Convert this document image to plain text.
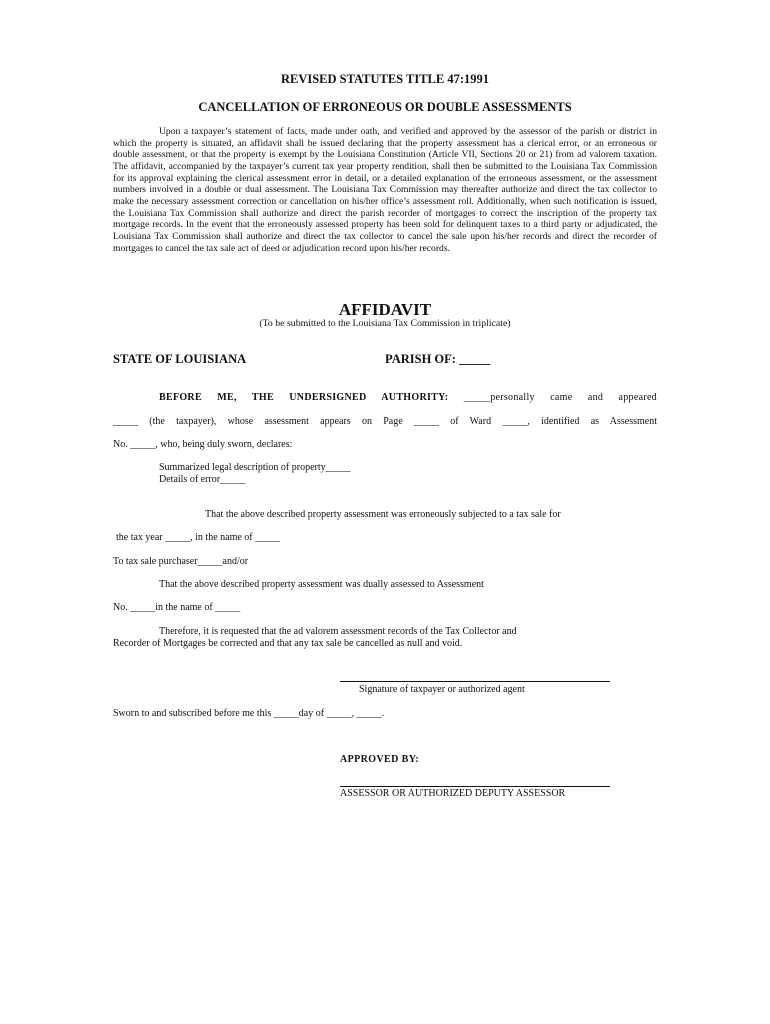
REVISED STATUTES TITLE 47:1991
CANCELLATION OF ERRONEOUS OR DOUBLE ASSESSMENTS

Upon a taxpayer’s statement of facts, made under oath, and verified and approved by the assessor of the parish or district in which the property is situated, an affidavit shall be issued declaring that the property assessment has a clerical error, or an erroneous or double assessment, or that the property is exempt by the Louisiana Constitution (Article VII, Sections 20 or 21) from ad valorem taxation. The affidavit, accompanied by the taxpayer’s current tax year property rendition, shall then be submitted to the Louisiana Tax Commission for its approval explaining the clerical assessment error in detail, or a detailed explanation of the erroneous assessment, or the assessment numbers involved in a double or dual assessment. The Louisiana Tax Commission may thereafter authorize and direct the tax collector to make the necessary assessment correction or cancellation on his/her office’s assessment roll. Additionally, when such notification is issued, the Louisiana Tax Commission shall authorize and direct the parish recorder of mortgages to correct the inscription of the property tax mortgage records. In the event that the erroneously assessed property has been sold for delinquent taxes to a third party or adjudicated, the Louisiana Tax Commission shall authorize and direct the tax collector to cancel the sale upon his/her records and direct the recorder of mortgages to cancel the tax sale act of deed or adjudication record upon his/her records.

AFFIDAVIT
(To be submitted to the Louisiana Tax Commission in triplicate)
STATE OF LOUISIANA	PARISH OF: _____
BEFORE ME, THE UNDERSIGNED AUTHORITY: _____personally came and appeared
_____ (the taxpayer), whose assessment appears on Page _____ of Ward _____, identified as Assessment
No. _____, who, being duly sworn, declares:
Summarized legal description of property_____
Details of error_____
That the above described property assessment was erroneously subjected to a tax sale for
the tax year _____, in the name of _____
To tax sale purchaser_____and/or
That the above described property assessment was dually assessed to Assessment
No. _____in the name of _____
Therefore, it is requested that the ad valorem assessment records of the Tax Collector and
Recorder of Mortgages be corrected and that any tax sale be cancelled as null and void.
Signature of taxpayer or authorized agent
Sworn to and subscribed before me this _____day of _____, _____.
APPROVED BY:
ASSESSOR OR AUTHORIZED DEPUTY ASSESSOR
